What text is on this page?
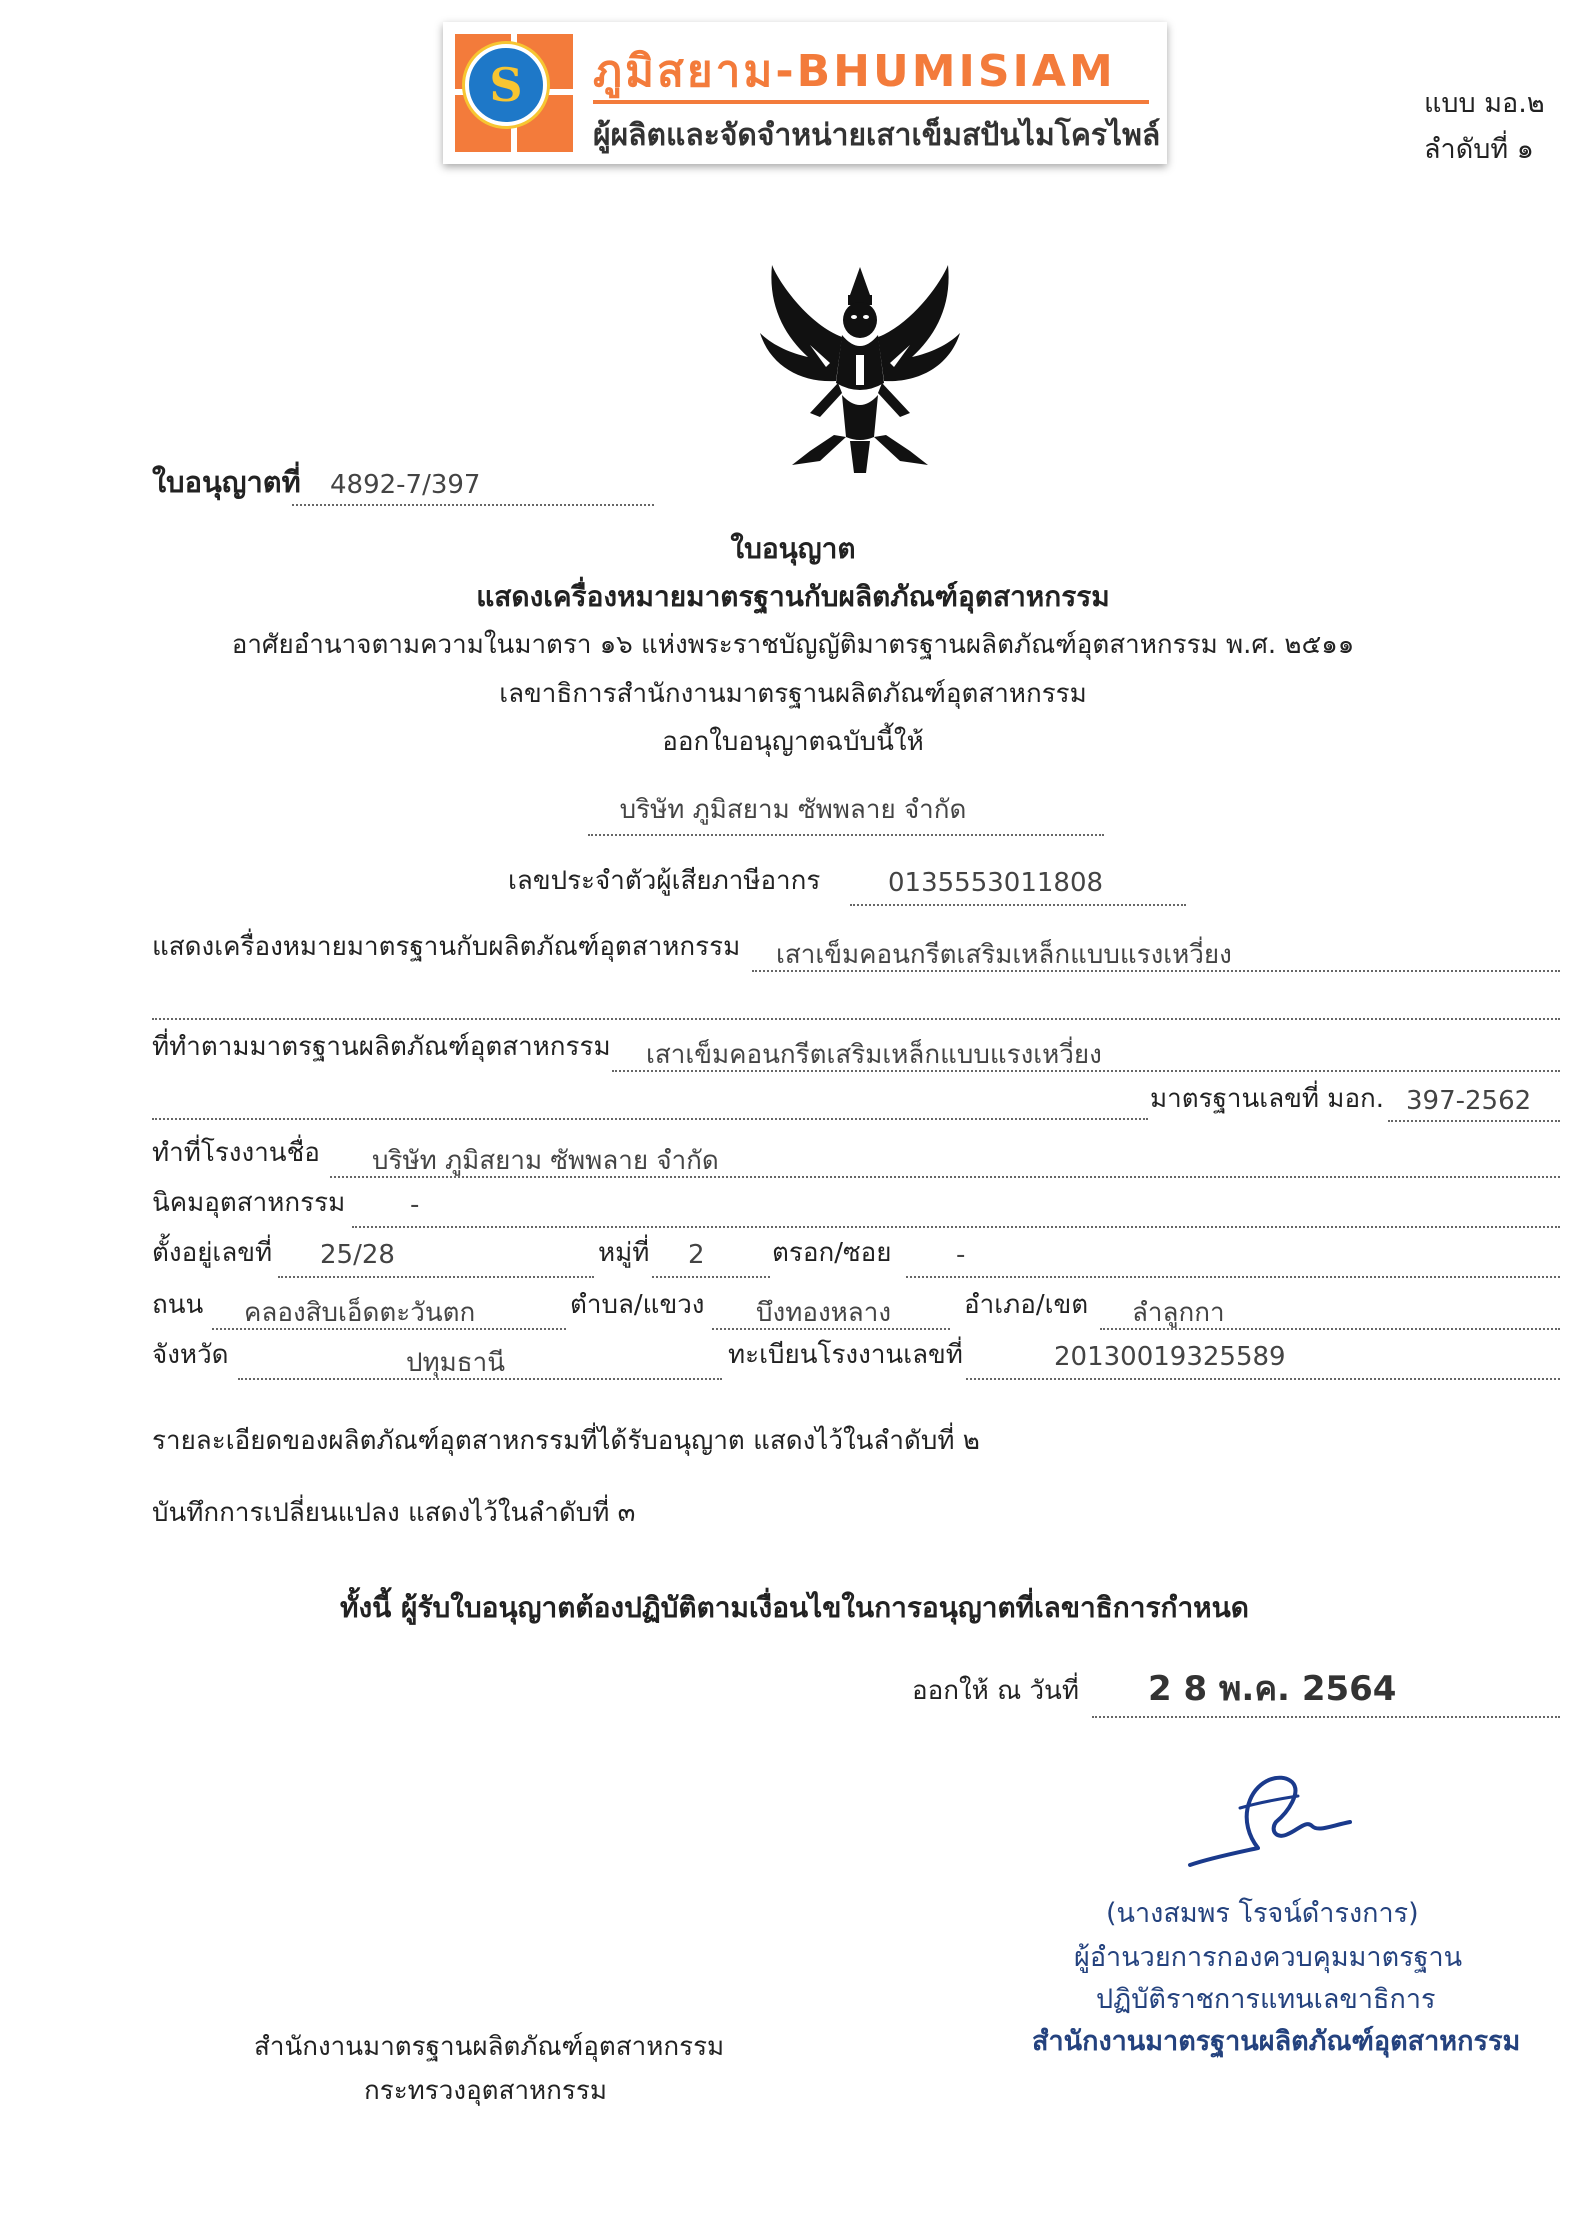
S	ภูมิสยาม-BHUMISIAM
ผู้ผลิตและจัดจำหน่ายเสาเข็มสปันไมโครไพล์
แบบ มอ.๒
ลำดับที่ ๑
ใบอนุญาตที่ 4892-7/397
ใบอนุญาต
แสดงเครื่องหมายมาตรฐานกับผลิตภัณฑ์อุตสาหกรรม
อาศัยอำนาจตามความในมาตรา ๑๖ แห่งพระราชบัญญัติมาตรฐานผลิตภัณฑ์อุตสาหกรรม พ.ศ. ๒๕๑๑
เลขาธิการสำนักงานมาตรฐานผลิตภัณฑ์อุตสาหกรรม
ออกใบอนุญาตฉบับนี้ให้
บริษัท ภูมิสยาม ซัพพลาย จำกัด
เลขประจำตัวผู้เสียภาษีอากร	0135553011808
แสดงเครื่องหมายมาตรฐานกับผลิตภัณฑ์อุตสาหกรรม เสาเข็มคอนกรีตเสริมเหล็กแบบแรงเหวี่ยง
ที่ทำตามมาตรฐานผลิตภัณฑ์อุตสาหกรรม เสาเข็มคอนกรีตเสริมเหล็กแบบแรงเหวี่ยง
มาตรฐานเลขที่ มอก. 397-2562
ทำที่โรงงานชื่อ บริษัท ภูมิสยาม ซัพพลาย จำกัด
นิคมอุตสาหกรรม -
ตั้งอยู่เลขที่ 25/28	หมู่ที่ 2	ตรอก/ซอย -
ถนน คลองสิบเอ็ดตะวันตก	ตำบล/แขวง บึงทองหลาง	อำเภอ/เขต ลำลูกกา
จังหวัด	ปทุมธานี	ทะเบียนโรงงานเลขที่	20130019325589
รายละเอียดของผลิตภัณฑ์อุตสาหกรรมที่ได้รับอนุญาต แสดงไว้ในลำดับที่ ๒
บันทึกการเปลี่ยนแปลง แสดงไว้ในลำดับที่ ๓
ทั้งนี้ ผู้รับใบอนุญาตต้องปฏิบัติตามเงื่อนไขในการอนุญาตที่เลขาธิการกำหนด
ออกให้ ณ วันที่ 2 8 พ.ค. 2564
(นางสมพร โรจน์ดำรงการ)
ผู้อำนวยการกองควบคุมมาตรฐาน
ปฏิบัติราชการแทนเลขาธิการ
สำนักงานมาตรฐานผลิตภัณฑ์อุตสาหกรรม
สำนักงานมาตรฐานผลิตภัณฑ์อุตสาหกรรม
กระทรวงอุตสาหกรรม
